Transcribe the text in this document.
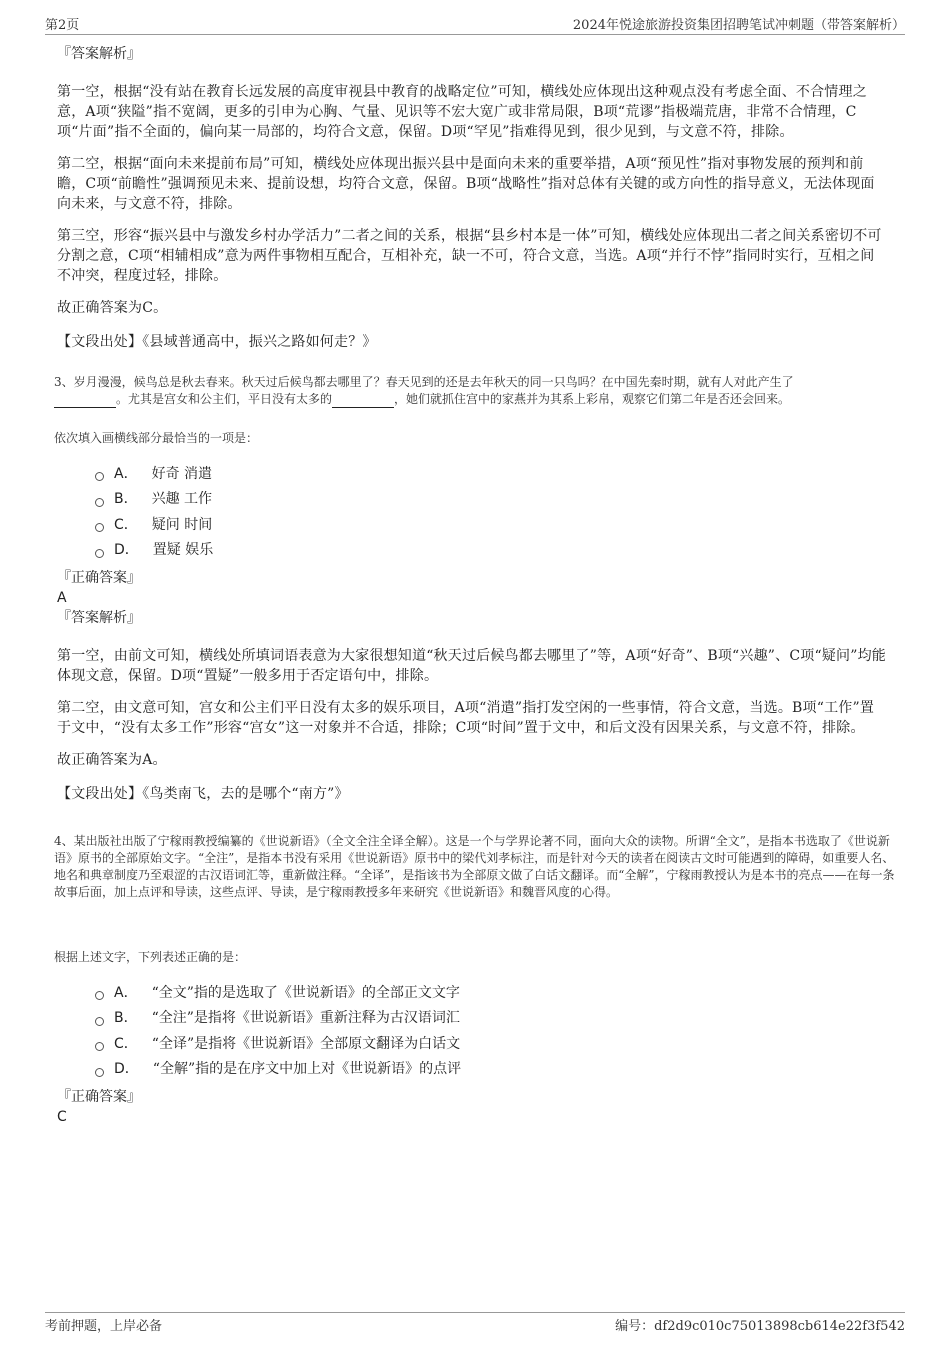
第2页	2024年悦途旅游投资集团招聘笔试冲刺题（带答案解析）

『答案解析』

第一空，根据“没有站在教育长远发展的高度审视县中教育的战略定位”可知，横线处应体现出这种观点没有考虑全面、不合情理之意，A项“狭隘”指不宽阔，更多的引申为心胸、气量、见识等不宏大宽广或非常局限，B项“荒谬”指极端荒唐，非常不合情理，C项“片面”指不全面的，偏向某一局部的，均符合文意，保留。D项“罕见”指难得见到，很少见到，与文意不符，排除。

第二空，根据“面向未来提前布局”可知，横线处应体现出振兴县中是面向未来的重要举措，A项“预见性”指对事物发展的预判和前瞻，C项“前瞻性”强调预见未来、提前设想，均符合文意，保留。B项“战略性”指对总体有关键的或方向性的指导意义，无法体现面向未来，与文意不符，排除。

第三空，形容“振兴县中与激发乡村办学活力”二者之间的关系，根据“县乡村本是一体”可知，横线处应体现出二者之间关系密切不可分割之意，C项“相辅相成”意为两件事物相互配合，互相补充，缺一不可，符合文意，当选。A项“并行不悖”指同时实行，互相之间不冲突，程度过轻，排除。

故正确答案为C。

【文段出处】《县域普通高中，振兴之路如何走？》

3、岁月漫漫，候鸟总是秋去春来。秋天过后候鸟都去哪里了？春天见到的还是去年秋天的同一只鸟吗？在中国先秦时期，就有人对此产生了
。尤其是宫女和公主们，平日没有太多的	，她们就抓住宫中的家燕并为其系上彩帛，观察它们第二年是否还会回来。

依次填入画横线部分最恰当的一项是：
A． 好奇 消遣
B． 兴趣 工作
C． 疑问 时间
D． 置疑 娱乐

『正确答案』

A

『答案解析』

第一空，由前文可知，横线处所填词语表意为大家很想知道“秋天过后候鸟都去哪里了”等，A项“好奇”、B项“兴趣”、C项“疑问”均能体现文意，保留。D项“置疑”一般多用于否定语句中，排除。

第二空，由文意可知，宫女和公主们平日没有太多的娱乐项目，A项“消遣”指打发空闲的一些事情，符合文意，当选。B项“工作”置于文中，“没有太多工作”形容“宫女”这一对象并不合适，排除；C项“时间”置于文中，和后文没有因果关系，与文意不符，排除。

故正确答案为A。

【文段出处】《鸟类南飞，去的是哪个“南方”》

4、某出版社出版了宁稼雨教授编纂的《世说新语》（全文全注全译全解）。这是一个与学界论著不同，面向大众的读物。所谓“全文”，是指本书选取了《世说新语》原书的全部原始文字。“全注”，是指本书没有采用《世说新语》原书中的梁代刘孝标注，而是针对今天的读者在阅读古文时可能遇到的障碍，如重要人名、地名和典章制度乃至艰涩的古汉语词汇等，重新做注释。“全译”，是指该书为全部原文做了白话文翻译。而“全解”，宁稼雨教授认为是本书的亮点——在每一条故事后面，加上点评和导读，这些点评、导读，是宁稼雨教授多年来研究《世说新语》和魏晋风度的心得。

根据上述文字，下列表述正确的是：
A． “全文”指的是选取了《世说新语》的全部正文文字
B． “全注”是指将《世说新语》重新注释为古汉语词汇
C． “全译”是指将《世说新语》全部原文翻译为白话文
D． “全解”指的是在序文中加上对《世说新语》的点评

『正确答案』

C

考前押题，上岸必备	编号：df2d9c010c75013898cb614e22f3f542
